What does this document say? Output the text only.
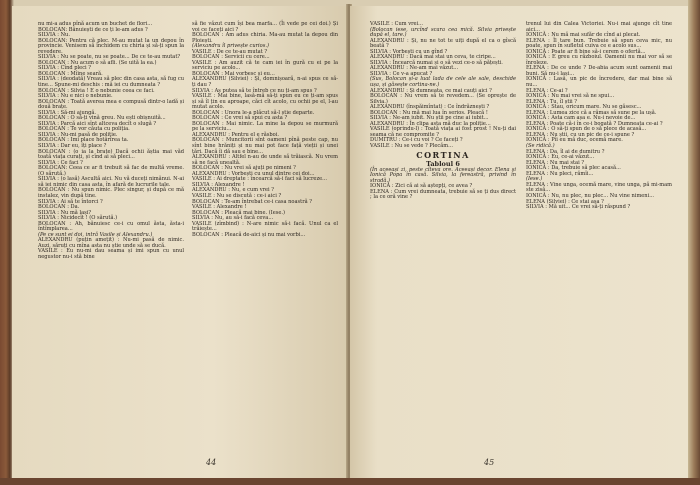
nu mi-a adus pînă acum un buchet de flori...

BOLOCAN: Bănuiești de ce ți le-am adus ?

SILVIA : Nu.

BOLOCAN: Pentru că plec. M-au mutat la un depou în provincie. Venisem să închidem cu chiria și să-ți spun la revedere.

SILVIA : Nu se poate, nu se poate... De ce te-au mutat?

BOLOCAN : Nu acum o să afli. (Se uită la ea.)

SILVIA : Cînd pleci ?

BOLOCAN : Mîine seară.

SILVIA : (deodată) Vreau să plec din casa asta, să fug cu tine... Spune-mi deschis : mă iei cu dumneata ?

BOLOCAN : Silvia ! E o nebunie ceea ce faci.

SILVIA : Nu e nici o nebunie.

BOLOCAN : Toată averea mea e compusă dintr-o ladă și două brațe.

SILVIA : Să-mi ajungă.

BOLOCAN : O să-ți vină greu. Nu ești obișnuită...

SILVIA : Parcă aici sînt altceva decît o slugă ?

BOLOCAN : Te vor căuta cu poliția.

SILVIA : Nu-mi pasă de poliție.

BOLOCAN : Imi place hotărîrea ta.

SILVIA : Dar eu, îți place ?

BOLOCAN : (o ia la brațe) Dacă ochii ăștia mai văd toată viața curați, și cînd ai să pleci...

SILVIA : Ce faci ?

BOLOCAN: Ceea ce ar fi trebuit să fac de multă vreme. (O sărută.)

SILVIA : (o lasă) Ascultă aici. Nu vă duceți nimănui. N-ai să iei nimic din casa asta, în afară de lucrurile tale.

BOLOCAN : Nu spun nimic. Plec singur, și după ce mă instalez, vin după tine.

SILVIA : Ai să te întorci ?

BOLOCAN : Da.

SILVIA : Nu mă lași?

SILVIA : Nicidecît ! (O sărută.)

BOLOCAN : Ah, bănuiesc ce-i cu omul ăsta, ăsta-i întîmplarea...

(Pe ce sunt ei doi, intră Vasile și Alexandru.)

ALEXANDRU (puțin amețit) : Nu-mi pasă de nimic. Auzi, săruți cu mîna asta nu știe unde să se ducă.

VASILE : Eu nu-mi dau seama și imi spun cu unul negustor nu-i stă bine

să fie văzut cum își bea marfa... (Îi vede pe cei doi.) Și voi ce faceți aici ?

BOLOCAN : Am adus chiria. Ma-au mutat la depou din Ploiești.

(Alexandru îl privește curios.)

VASILE : De ce te-au mutat ?

BOLOCAN : Servicii cu cere...

VASILE : Am auzit că te cam iei în gură cu ei pe la serviciu pe acolo...

BOLOCAN : Mai vorbesc și eu...

ALEXANDRU (Silviei) : Și, domnișoară, n-ai spus ce să-ți dau ?

SILVIA : Aș putea să te întreb ce nu ți-am spus ?

VASILE : Mai bine, lasă-mă să-ți spun eu ce ți-am spus și să îl țin eu aproape, căci cît acolo, cu ochii pe el, l-au mutat acolo.

BOLOCAN : Unora le-a plăcut să-l știe departe.

BOLOCAN : Ce vrei să spui cu asta ?

BOLOCAN : Mai nimic. La mine la depou se murmură pe la serviciu...

ALEXANDRU : Pentru el e răsboi.

BOLOCAN : Muncitorii sînt oameni pînă peste cap, nu sînt bine hrăniți și nu mai pot face față vieții și unei țări. Dacă îi dă sau e bine...

ALEXANDRU : Altfel n-au de unde să trăiască. Nu vrem să ne facă unealtă.

BOLOCAN : Nu vrei să ajuți pe nimeni ?

ALEXANDRU : Vorbești cu unul dintre cei doi...

VASILE : Ai dreptate : încearcă să-i faci să lucreze...

SILVIA : Alexandre !

ALEXANDRU : Nu, e cum vrei ?

VASILE : Nu se discută : ce-i aici ?

BOLOCAN : Te-am întrebat ce-i casa noastră ?

VASILE : Alexandre !

BOLOCAN : Pleacă mai bine. (Iese.)

SILVIA : Nu, au să-i facă ceva...

VASILE (zîmbind) : N-are nimic să-i facă. Unul ca el trăiește...

BOLOCAN : Pleacă de-aici și nu mai vorbi...

44

VASILE : Cum vrei...

(Bolocan iese, urcînd scara cea mică. Silvia privește după el, tare.)

ALEXANDRU : Și, nu ne tot te uiți după el ca o gîscă beată ?

SILVIA : Vorbești cu un gînd ?

ALEXANDRU : Dacă mai stai un ceva, te ciripe...

SILVIA : Încearcă numai și o să vezi ce-o să pățești.

ALEXANDRU : Ne-am mai văzut...

SILVIA : Ce v-a apucat ?

(Sus, Bolocan și-a luat lada de cele ale sale, deschide ușa, și găsește cortina-ne.)

ALEXANDRU : Și dumneata, ce mai cauți aici ?

BOLOCAN : Nu vrem să te revedem... (Se oprește de Silvia.)

ALEXANDRU (înspăimîntat) : Ce îndrăznești ?

BOLOCAN : Nu mă mai lua în serios. Pleacă !

SILVIA : Ne-am iubit. Nu știi pe cine ai iubit...

ALEXANDRU : În clipa asta mă duc la poliție...

VASILE (oprindu-l) : Toată viața ai fost prost ! Nu-ți dai seama că ne compromite ?

DUMITRU : Ce-i cu voi ? Ce faceți ?

VASILE : Nu se vede ? Plecăm...

CORTINA

Tabloul 6

(În aceeași zi, peste cîteva ore. Aceeași decor. Elena și Ionică Popa în casă. Silvia, la fereastră, privind în stradă.)

IONICĂ : Zici că ai să aștepți, ce avea ?

ELENA : Cum vrei dumneata, trebuie să se ți dus direct ; la ce oră vine ?

trenul lui din Calea Victoriei. Nu-i mai ajunge cît tine aici...

IONICĂ : Nu mă mai sufăr de cînd ai plecat.

ELENA : Îl tare bun. Trebuie să spun ceva mic, nu poate, spun în sufletul cuiva ce e acolo sus...

IONICĂ : Poate ar fi bine să-i cerem o ofertă...

IONICĂ : E greu cu războiul. Oamenii nu mai vor să se înroleze.

ELENA : De ce unde ? De-abia acum sunt oamenii mai buni. Să nu-i lași...

IONICĂ : Lasă, un pic de încredere, dar mai bine să nu...

ELENA : Ce-ai ?

IONICĂ : Nu mai vrei să ne spui...

ELENA : Tu, îl știi ?

IONICĂ : Stau, oricum mare. Nu se găsesc...

ELENA : Lumea zice că a rămas să sune pe la ușă.

IONICĂ : Asta cam așa e. Nu-i nevoie de...

ELENA : Poate că-i în ce-i bogată ? Dumneata ce-ai ?

IONICĂ : O să-ți spun de o să plece de acasă...

ELENA : Nu știi, cu un pic de ce-i spune ?

IONICĂ : Pîi eu mă duc, ocemă mare.

(Se ridică.)

ELENA : Da, îl ai de dumitru ?

IONICĂ : Eu, ce-ai văzut...

ELENA : Nu mai stai ?

IONICĂ : Da, trebuie să plec acasă...

ELENA : Nu pleci, rămîi...

(Iese.)

ELENA : Vine unga, ocemă mare, vine unga, pă mi-mam ste zisă...

IONICĂ : Nu, nu plec, nu plec... Nu vine nimeni...

ELENA (Silviei) : Ce stai așa ?

SILVIA : Mă uit... Ce vrei să-ți răspund ?

45
